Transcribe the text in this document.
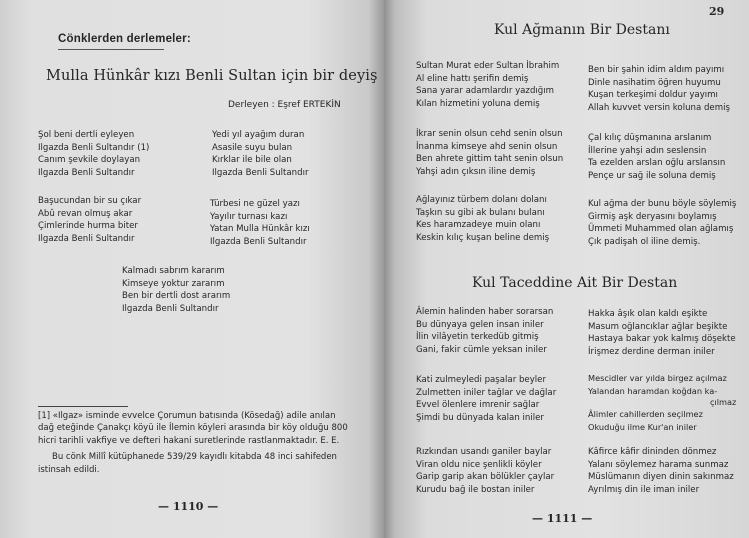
Cönklerden derlemeler:
Mulla Hünkâr kızı Benli Sultan için bir deyiş
Derleyen : Eşref ERTEKİN
Şol beni dertli eyleyen
Ilgazda Benli Sultandır (1)
Canım şevkile doylayan
Ilgazda Benli Sultandır
Yedi yıl ayağım duran
Asasile suyu bulan
Kırklar ile bile olan
Ilgazda Benli Sultandır
Başucundan bir su çıkar
Abû revan olmuş akar
Çimlerinde hurma biter
Ilgazda Benli Sultandır
Türbesi ne güzel yazı
Yayılır turnası kazı
Yatan Mulla Hünkâr kızı
Ilgazda Benli Sultandır
Kalmadı sabrım kararım
Kimseye yoktur zararım
Ben bir dertli dost ararım
Ilgazda Benli Sultandır
[1] «Ilgaz» isminde evvelce Çorumun batısında (Kösedağ) adile anılan
dağ eteğinde Çanakçı köyü ile İlemin köyleri arasında bir köy olduğu 800
hicri tarihli vakfiye ve defteri hakani suretlerinde rastlanmaktadır. E. E.
Bu cönk Millî kütüphanede 539/29 kayıdlı kitabda 48 inci sahifeden
istinsah edildi.
— 1110 —
29
Kul Ağmanın Bir Destanı
Sultan Murat eder Sultan İbrahim
Al eline hattı şerifin demiş
Sana yarar adamlardır yazdığım
Kılan hizmetini yoluna demiş
Ben bir şahin idim aldım payımı
Dinle nasihatim öğren huyumu
Kuşan terkeşimi doldur yayımı
Allah kuvvet versin koluna demiş
İkrar senin olsun cehd senin olsun
İnanma kimseye ahd senin olsun
Ben ahrete gittim taht senin olsun
Yahşi adın çıksın iline demiş
Çal kılıç düşmanına arslanım
İllerine yahşi adın seslensin
Ta ezelden arslan oğlu arslansın
Pençe ur sağ ile soluna demiş
Ağlayınız türbem dolanı dolanı
Taşkın su gibi ak bulanı bulanı
Kes haramzadeye muin olanı
Keskin kılıç kuşan beline demiş
Kul ağma der bunu böyle söylemiş
Girmiş aşk deryasını boylamış
Ümmeti Muhammed olan ağlamış
Çık padişah ol iline demiş.
Kul Taceddine Ait Bir Destan
Âlemin halinden haber sorarsan
Bu dünyaya gelen insan iniler
İlin vilâyetin terkedüb gitmiş
Gani, fakir cümle yeksan iniler
Hakka âşık olan kaldı eşikte
Masum oğlancıklar ağlar beşikte
Hastaya bakar yok kalmış döşekte
İrişmez derdine derman iniler
Kati zulmeyledi paşalar beyler
Zulmetten iniler tağlar ve dağlar
Evvel ölenlere imrenir sağlar
Şimdi bu dünyada kalan iniler
Mescidler var yılda birgez açılmaz
Yalandan haramdan koğdan ka-
çılmaz
Âlimler cahillerden seçilmez
Okuduğu ilme Kur'an iniler
Rızkından usandı ganiler baylar
Viran oldu nice şenlikli köyler
Garip garip akan bölükler çaylar
Kurudu bağ ile bostan iniler
Kâfirce kâfir dininden dönmez
Yalanı söylemez harama sunmaz
Müslümanın diyen dinin sakınmaz
Ayrılmış din ile iman iniler
— 1111 —
